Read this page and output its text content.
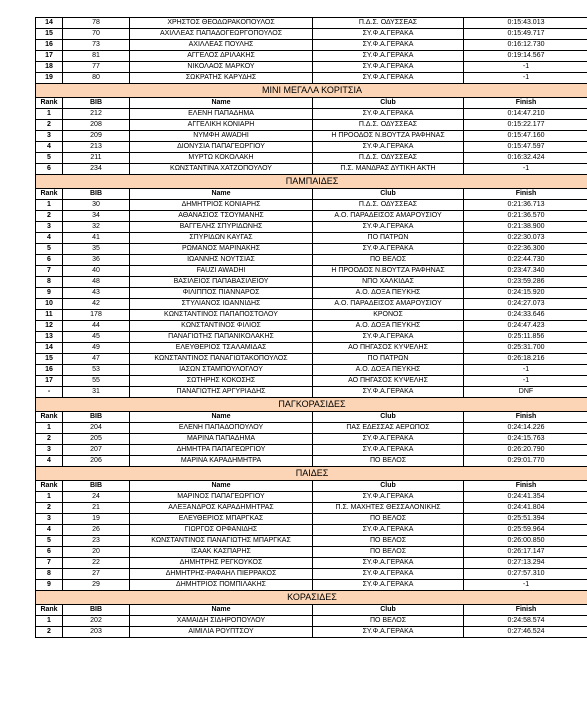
14	78	ΧΡΗΣΤΟΣ ΘΕΟΔΩΡΑΚΟΠΟΥΛΟΣ	Π.Δ.Σ. ΟΔΥΣΣΕΑΣ	0:15:43.013
15	70	ΑΧΙΛΛΕΑΣ ΠΑΠΑΔΟΓΕΩΡΓΟΠΟΥΛΟΣ	ΣΥ.Φ.Α.ΓΕΡΑΚΑ	0:15:49.717
16	73	ΑΧΙΛΛΕΑΣ ΠΟΥΛΗΣ	ΣΥ.Φ.Α.ΓΕΡΑΚΑ	0:16:12.730
17	81	ΑΓΓΕΛΟΣ ΔΡΙΛΑΚΗΣ	ΣΥ.Φ.Α.ΓΕΡΑΚΑ	0:19:14.567
18	77	ΝΙΚΟΛΑΟΣ ΜΑΡΚΟΥ	ΣΥ.Φ.Α.ΓΕΡΑΚΑ	-1
19	80	ΣΩΚΡΑΤΗΣ ΚΑΡΥΔΗΣ	ΣΥ.Φ.Α.ΓΕΡΑΚΑ	-1
ΜΙΝΙ ΜΕΓΑΛΑ ΚΟΡΙΤΣΙΑ				
Rank	BIB	Name	Club	Finish
1	212	ΕΛΕΝΗ ΠΑΠΑΔΗΜΑ	ΣΥ.Φ.Α.ΓΕΡΑΚΑ	0:14:47.210
2	208	ΑΓΓΕΛΙΚΗ ΚΟΝΙΑΡΗ	Π.Δ.Σ. ΟΔΥΣΣΕΑΣ	0:15:22.177
3	209	ΝΥΜΦΗ AWADHI	Η ΠΡΟΟΔΟΣ Ν.ΒΟΥΤΖΑ ΡΑΦΗΝΑΣ	0:15:47.160
4	213	ΔΙΟΝΥΣΙΑ ΠΑΠΑΓΕΩΡΓΙΟΥ	ΣΥ.Φ.Α.ΓΕΡΑΚΑ	0:15:47.597
5	211	ΜΥΡΤΩ ΚΟΚΟΛΑΚΗ	Π.Δ.Σ. ΟΔΥΣΣΕΑΣ	0:16:32.424
6	234	ΚΩΝΣΤΑΝΤΙΝΑ ΧΑΤΖΟΠΟΥΛΟΥ	Π.Σ. ΜΑΝΔΡΑΣ ΔΥΤΙΚΗ ΑΚΤΗ	-1
ΠΑΜΠΑΙΔΕΣ				
Rank	BIB	Name	Club	Finish
1	30	ΔΗΜΗΤΡΙΟΣ ΚΟΝΙΑΡΗΣ	Π.Δ.Σ. ΟΔΥΣΣΕΑΣ	0:21:36.713
2	34	ΑΘΑΝΑΣΙΟΣ ΤΣΟΥΜΑΝΗΣ	Α.Ο. ΠΑΡΑΔΕΙΣΟΣ ΑΜΑΡΟΥΣΙΟΥ	0:21:36.570
3	32	ΒΑΓΓΕΛΗΣ ΣΠΥΡΙΔΩΝΗΣ	ΣΥ.Φ.Α.ΓΕΡΑΚΑ	0:21:38.900
4	41	ΣΠΥΡΙΔΩΝ ΚΑΥΓΑΣ	ΠΟ ΠΑΤΡΩΝ	0:22:30.073
5	35	ΡΩΜΑΝΟΣ ΜΑΡΙΝΑΚΗΣ	ΣΥ.Φ.Α.ΓΕΡΑΚΑ	0:22:36.300
6	36	ΙΩΑΝΝΗΣ ΝΟΥΤΣΙΑΣ	ΠΟ ΒΕΛΟΣ	0:22:44.730
7	40	FAUZI AWADHI	Η ΠΡΟΟΔΟΣ Ν.ΒΟΥΤΖΑ ΡΑΦΗΝΑΣ	0:23:47.340
8	48	ΒΑΣΙΛΕΙΟΣ ΠΑΠΑΒΑΣΙΛΕΙΟΥ	ΝΠΟ ΧΑΛΚΙΔΑΣ	0:23:59.286
9	43	ΦΙΛΙΠΠΟΣ ΠΙΑΝΝΑΡΟΣ	Α.Ο. ΔΟΞΑ ΠΕΥΚΗΣ	0:24:15.920
10	42	ΣΤΥΛΙΑΝΟΣ ΙΩΑΝΝΙΔΗΣ	Α.Ο. ΠΑΡΑΔΕΙΣΟΣ ΑΜΑΡΟΥΣΙΟΥ	0:24:27.073
11	178	ΚΩΝΣΤΑΝΤΙΝΟΣ ΠΑΠΑΠΟΣΤΟΛΟΥ	ΚΡΟΝΟΣ	0:24:33.646
12	44	ΚΩΝΣΤΑΝΤΙΝΟΣ ΦΙΛΙΟΣ	Α.Ο. ΔΟΞΑ ΠΕΥΚΗΣ	0:24:47.423
13	45	ΠΑΝΑΓΙΩΤΗΣ ΠΑΠΑΝΙΚΟΛΑΚΗΣ	ΣΥ.Φ.Α.ΓΕΡΑΚΑ	0:25:11.856
14	49	ΕΛΕΥΘΕΡΙΟΣ ΤΣΑΛΑΜΙΔΑΣ	ΑΟ ΠΗΓΑΣΟΣ ΚΥΨΕΛΗΣ	0:25:31.700
15	47	ΚΩΝΣΤΑΝΤΙΝΟΣ ΠΑΝΑΓΙΩΤΑΚΟΠΟΥΛΟΣ	ΠΟ ΠΑΤΡΩΝ	0:26:18.216
16	53	ΙΑΣΩΝ ΣΤΑΜΠΟΥΛΟΓΛΟΥ	Α.Ο. ΔΟΞΑ ΠΕΥΚΗΣ	-1
17	55	ΣΩΤΗΡΗΣ ΚΟΚΟΣΗΣ	ΑΟ ΠΗΓΑΣΟΣ ΚΥΨΕΛΗΣ	-1
-	31	ΠΑΝΑΓΙΩΤΗΣ ΑΡΓΥΡΙΑΔΗΣ	ΣΥ.Φ.Α.ΓΕΡΑΚΑ	DNF
ΠΑΓΚΟΡΑΣΙΔΕΣ				
Rank	BIB	Name	Club	Finish
1	204	ΕΛΕΝΗ ΠΑΠΑΔΟΠΟΥΛΟΥ	ΠΑΣ ΕΔΕΣΣΑΣ ΑΕΡΩΠΟΣ	0:24:14.226
2	205	ΜΑΡΙΝΑ ΠΑΠΑΔΗΜΑ	ΣΥ.Φ.Α.ΓΕΡΑΚΑ	0:24:15.763
3	207	ΔΗΜΗΤΡΑ ΠΑΠΑΓΕΩΡΓΙΟΥ	ΣΥ.Φ.Α.ΓΕΡΑΚΑ	0:26:20.790
4	206	ΜΑΡΙΝΑ ΚΑΡΑΔΗΜΗΤΡΑ	ΠΟ ΒΕΛΟΣ	0:29:01.770
ΠΑΙΔΕΣ				
Rank	BIB	Name	Club	Finish
1	24	ΜΑΡΙΝΟΣ ΠΑΠΑΓΕΩΡΓΙΟΥ	ΣΥ.Φ.Α.ΓΕΡΑΚΑ	0:24:41.354
2	21	ΑΛΕΞΑΝΔΡΟΣ ΚΑΡΑΔΗΜΗΤΡΑΣ	Π.Σ. ΜΑΧΗΤΕΣ ΘΕΣΣΑΛΟΝΙΚΗΣ	0:24:41.804
3	19	ΕΛΕΥΘΕΡΙΟΣ ΜΠΑΡΓΚΑΣ	ΠΟ ΒΕΛΟΣ	0:25:51.394
4	26	ΓΙΩΡΓΟΣ ΟΡΦΑΝΙΔΗΣ	ΣΥ.Φ.Α.ΓΕΡΑΚΑ	0:25:59.964
5	23	ΚΩΝΣΤΑΝΤΙΝΟΣ ΠΑΝΑΓΙΩΤΗΣ ΜΠΑΡΓΚΑΣ	ΠΟ ΒΕΛΟΣ	0:26:00.850
6	20	ΙΣΑΑΚ ΚΑΣΠΑΡΗΣ	ΠΟ ΒΕΛΟΣ	0:26:17.147
7	22	ΔΗΜΗΤΡΗΣ ΡΕΓΚΟΥΚΟΣ	ΣΥ.Φ.Α.ΓΕΡΑΚΑ	0:27:13.294
8	27	ΔΗΜΗΤΡΗΣ-ΡΑΦΑΗΛ ΠΙΕΡΡΑΚΟΣ	ΣΥ.Φ.Α.ΓΕΡΑΚΑ	0:27:57.310
9	29	ΔΗΜΗΤΡΙΟΣ ΠΟΜΠΙΛΑΚΗΣ	ΣΥ.Φ.Α.ΓΕΡΑΚΑ	-1
ΚΟΡΑΣΙΔΕΣ				
Rank	BIB	Name	Club	Finish
1	202	ΧΑΜΑΙΔΗ ΣΙΔΗΡΟΠΟΥΛΟΥ	ΠΟ ΒΕΛΟΣ	0:24:58.574
2	203	ΑΙΜΙΛΙΑ ΡΟΥΠΤΣΟΥ	ΣΥ.Φ.Α.ΓΕΡΑΚΑ	0:27:46.524
